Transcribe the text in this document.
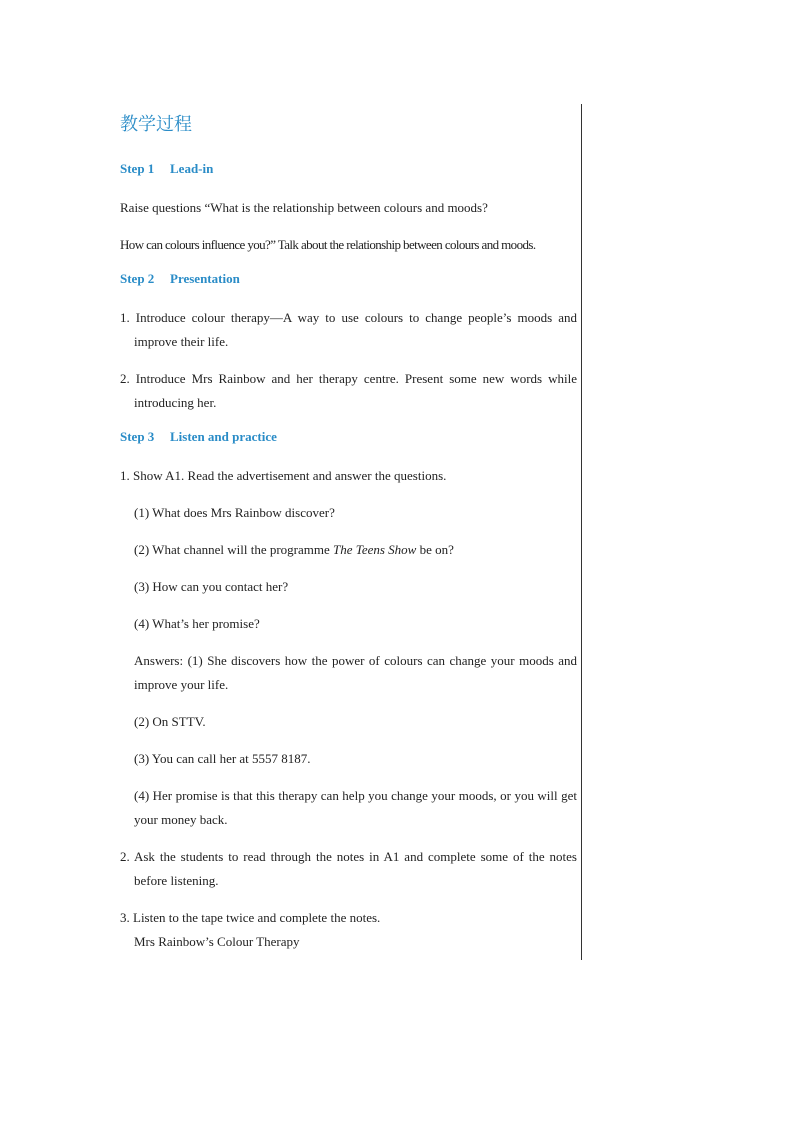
教学过程
Step 1 Lead-in

Raise questions “What is the relationship between colours and moods?

How can colours influence you?” Talk about the relationship between colours and moods.

Step 2 Presentation

1. Introduce colour therapy—A way to use colours to change people’s moods and improve their life.

2. Introduce Mrs Rainbow and her therapy centre. Present some new words while introducing her.

Step 3 Listen and practice

1. Show A1. Read the advertisement and answer the questions.

(1) What does Mrs Rainbow discover?

(2) What channel will the programme The Teens Show be on?

(3) How can you contact her?

(4) What’s her promise?

Answers: (1) She discovers how the power of colours can change your moods and improve your life.

(2) On STTV.

(3) You can call her at 5557 8187.

(4) Her promise is that this therapy can help you change your moods, or you will get your money back.

2. Ask the students to read through the notes in A1 and complete some of the notes before listening.

3. Listen to the tape twice and complete the notes.

Mrs Rainbow’s Colour Therapy
